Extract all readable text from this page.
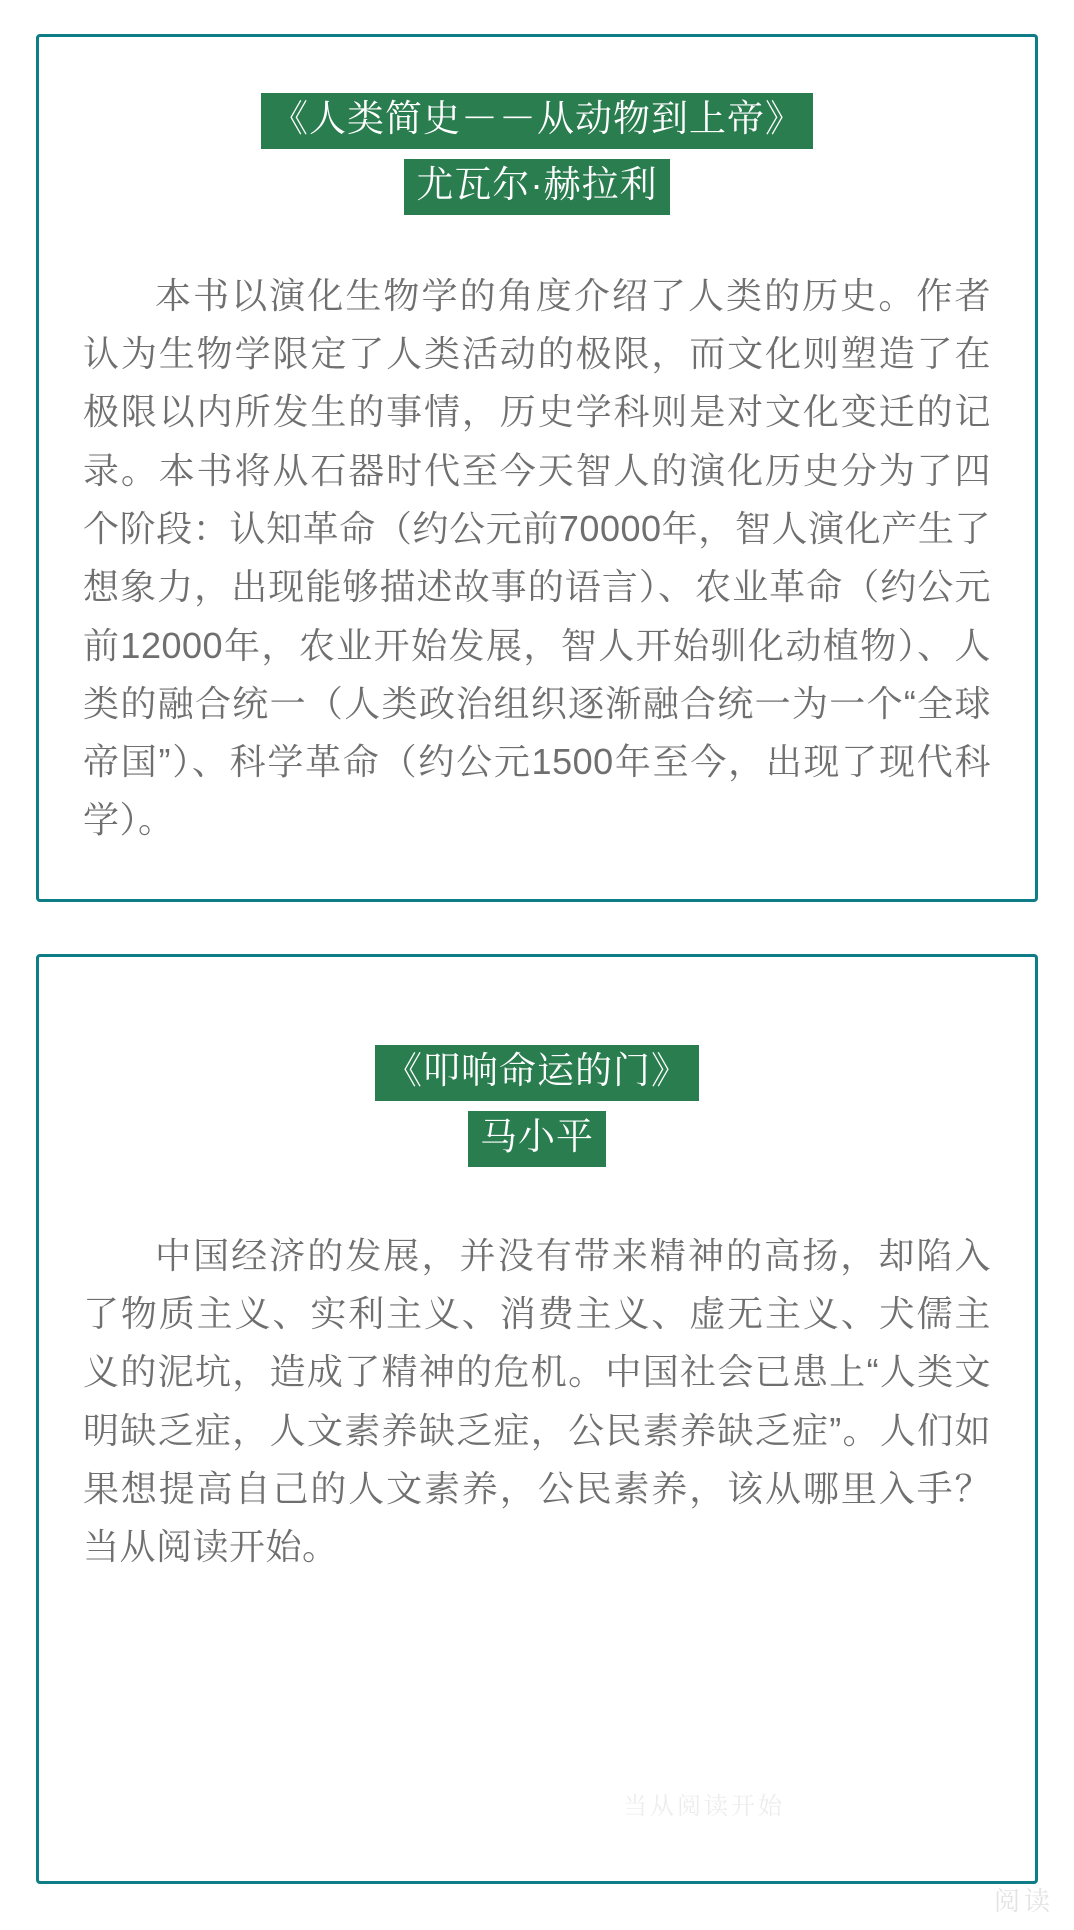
《人类简史－－从动物到上帝》
尤瓦尔·赫拉利
本书以演化生物学的角度介绍了人类的历史。作者认为生物学限定了人类活动的极限，而文化则塑造了在极限以内所发生的事情，历史学科则是对文化变迁的记录。本书将从石器时代至今天智人的演化历史分为了四个阶段：认知革命（约公元前70000年，智人演化产生了想象力，出现能够描述故事的语言）、农业革命（约公元前12000年，农业开始发展，智人开始驯化动植物）、人类的融合统一（人类政治组织逐渐融合统一为一个“全球帝国”）、科学革命（约公元1500年至今，出现了现代科学）。
《叩响命运的门》
马小平
中国经济的发展，并没有带来精神的高扬，却陷入了物质主义、实利主义、消费主义、虚无主义、犬儒主义的泥坑，造成了精神的危机。中国社会已患上“人类文明缺乏症，人文素养缺乏症，公民素养缺乏症”。人们如果想提高自己的人文素养，公民素养，该从哪里入手？当从阅读开始。
当从阅读开始
阅读
